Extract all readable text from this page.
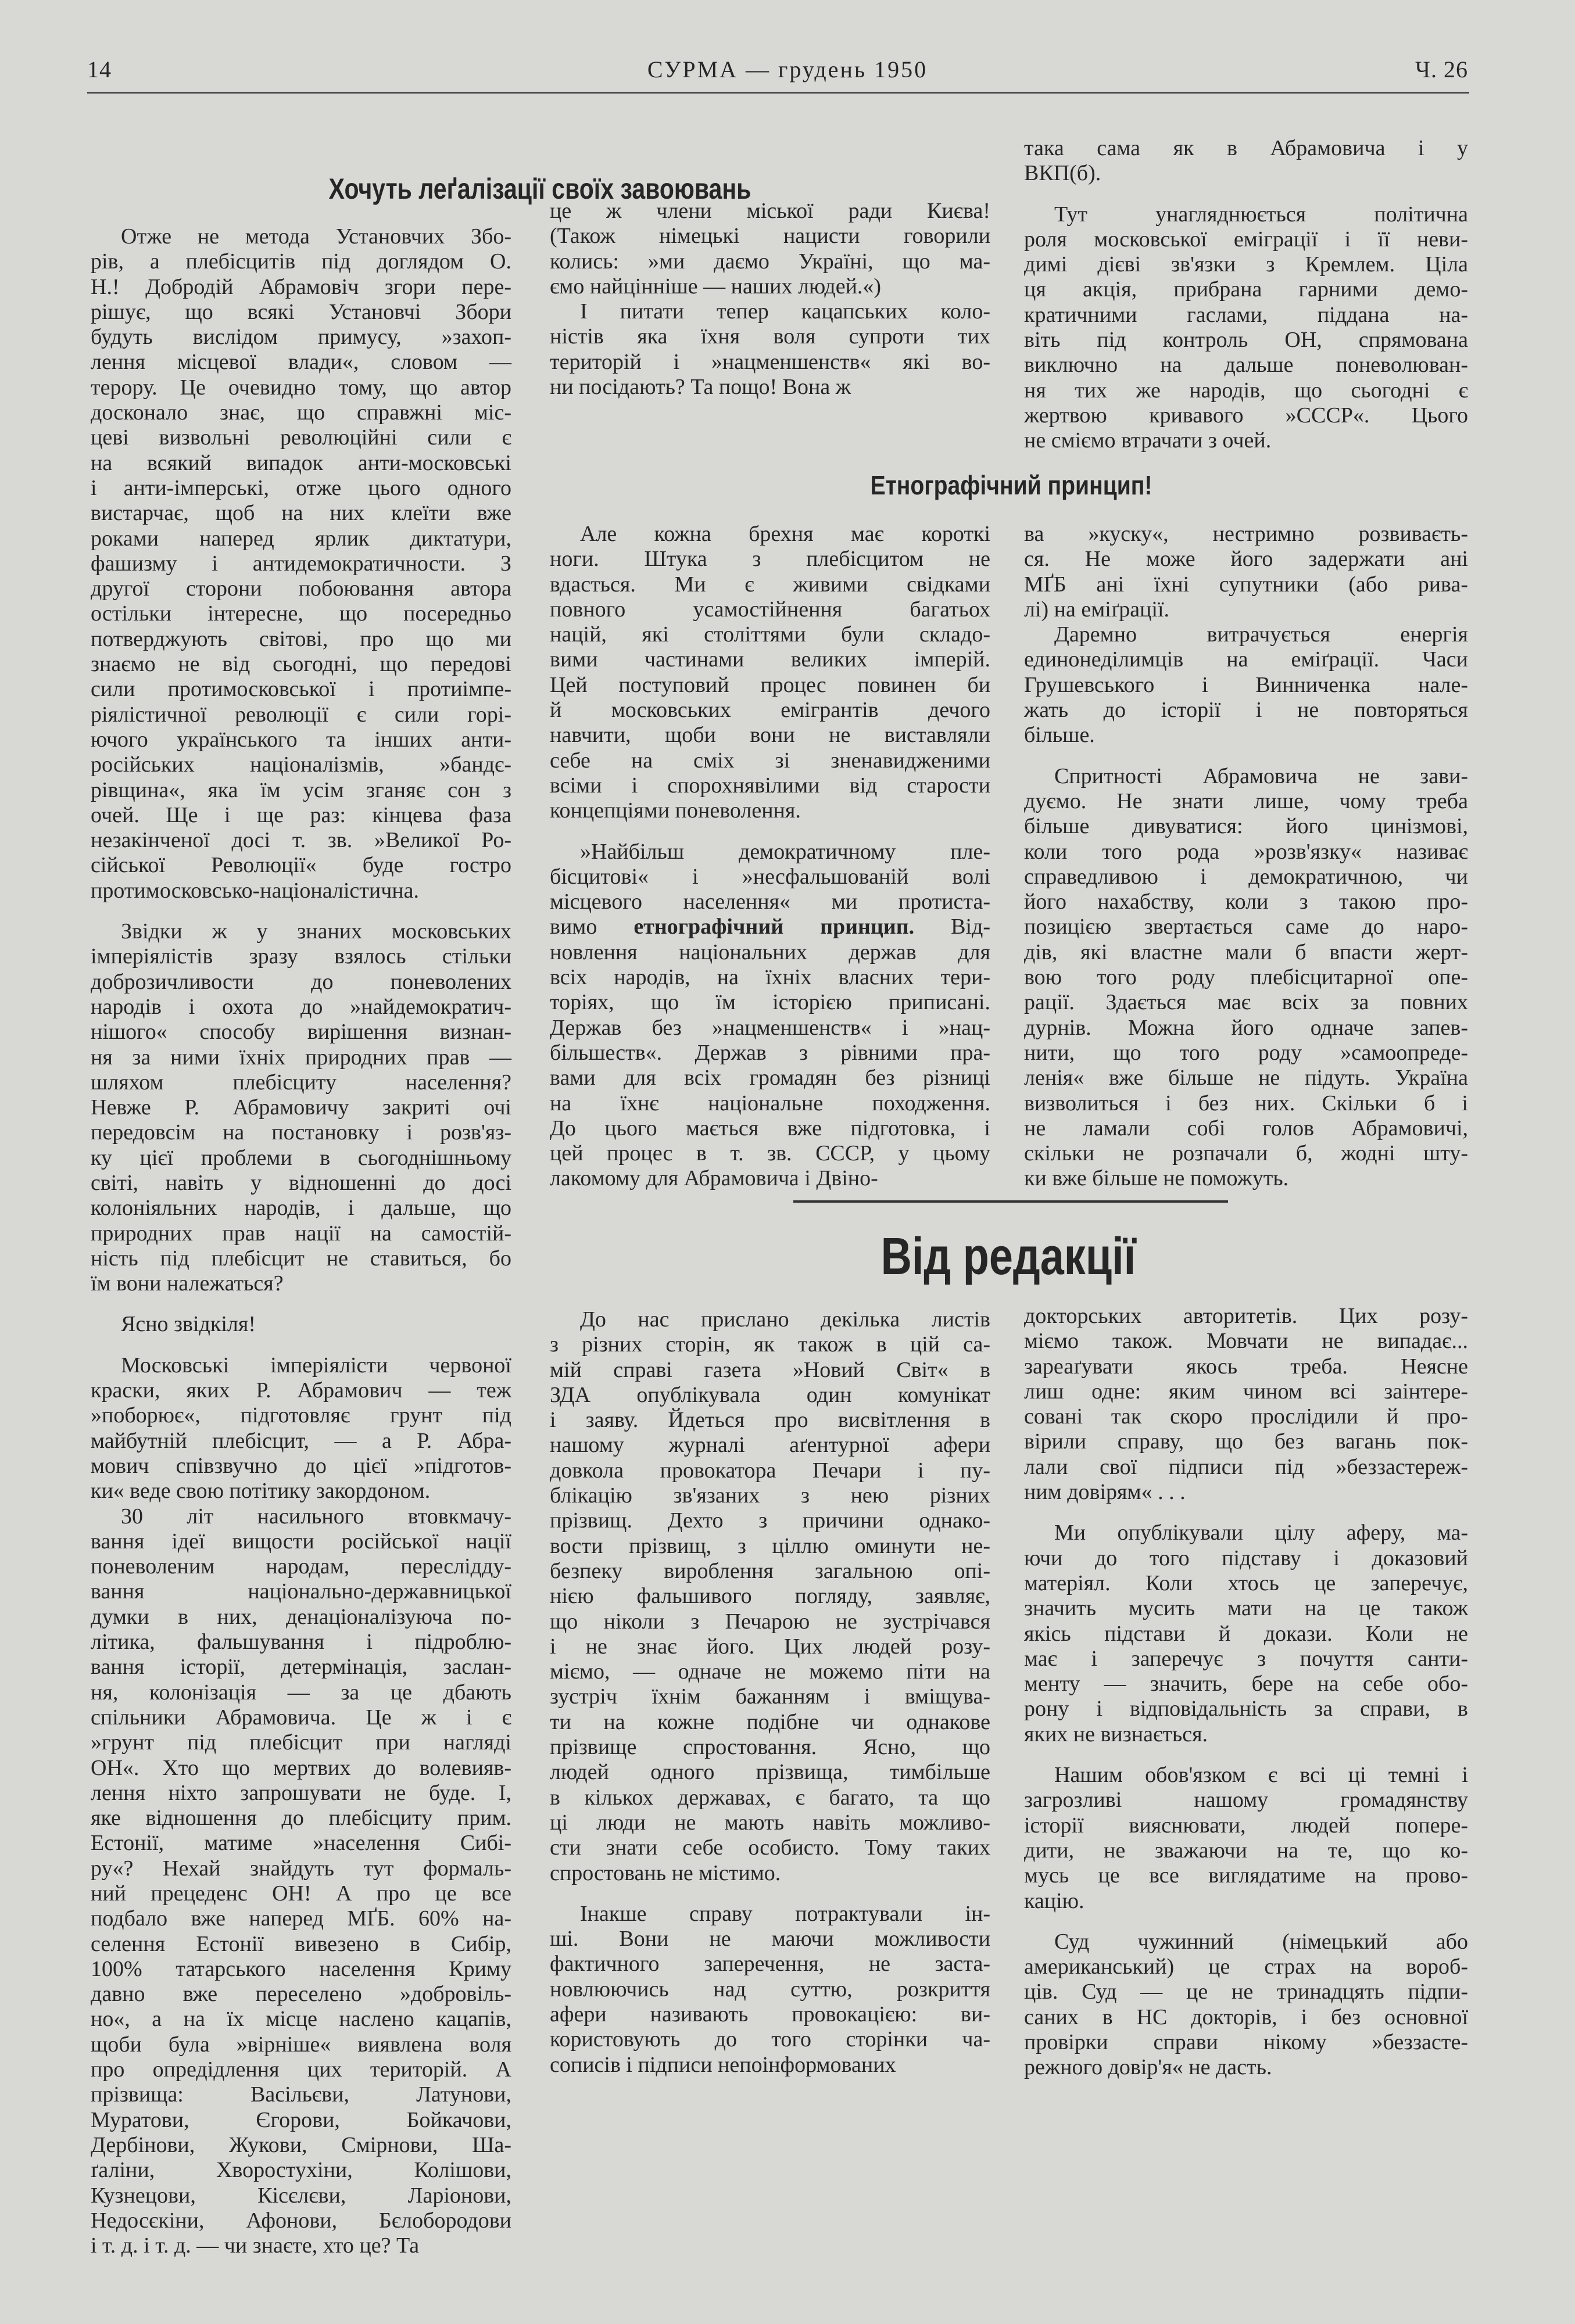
14	СУРМА — грудень 1950	Ч. 26
Хочуть леґалізації своїх завоювань
Отже не метода Установчих Збо-
рів, а плебісцитів під доглядом О.
Н.! Добродій Абрамовіч згори пере-
рішує, що всякі Установчі Збори
будуть вислідом примусу, »захоп-
лення місцевої влади«, словом —
терору. Це очевидно тому, що автор
досконало знає, що справжні міс-
цеві визвольні революційні сили є
на всякий випадок анти-московські
і анти-імперські, отже цього одного
вистарчає, щоб на них клеїти вже
роками наперед ярлик диктатури,
фашизму і антидемократичности. З
другої сторони побоювання автора
остільки інтересне, що посередньо
потверджують світові, про що ми
знаємо не від сьогодні, що передові
сили протимосковської і протиімпе-
ріялістичної революції є сили горі-
ючого українського та інших анти-
російських націоналізмів, »бандє-
рівщина«, яка їм усім зганяє сон з
очей. Ще і ще раз: кінцева фаза
незакінченої досі т. зв. »Великої Ро-
сійської Революції« буде гостро
протимосковсько-націоналістична.
Звідки ж у знаних московських
імперіялістів зразу взялось стільки
доброзичливости до поневолених
народів і охота до »найдемократич-
нішого« способу вирішення визнан-
ня за ними їхніх природних прав —
шляхом плебісциту населення?
Невже Р. Абрамовичу закриті очі
передовсім на постановку і розв'яз-
ку цієї проблеми в сьогоднішньому
світі, навіть у відношенні до досі
колоніяльних народів, і дальше, що
природних прав нації на самостій-
ність під плебісцит не ставиться, бо
їм вони належаться?
Ясно звідкіля!
Московські імперіялісти червоної
краски, яких Р. Абрамович — теж
»поборює«, підготовляє грунт під
майбутній плебісцит, — а Р. Абра-
мович співзвучно до цієї »підготов-
ки« веде свою потітику закордоном.
30 літ насильного втовкмачу-
вання ідеї вищости російської нації
поневоленим народам, переслідду-
вання національно-державницької
думки в них, денаціоналізуюча по-
літика, фальшування і підроблю-
вання історії, детермінація, заслан-
ня, колонізація — за це дбають
спільники Абрамовича. Це ж і є
»грунт під плебісцит при нагляді
ОН«. Хто що мертвих до волевияв-
лення ніхто запрошувати не буде. І,
яке відношення до плебісциту прим.
Естонії, матиме »населення Сибі-
ру«? Нехай знайдуть тут формаль-
ний прецеденс ОН! А про це все
подбало вже наперед МҐБ. 60% на-
селення Естонії вивезено в Сибір,
100% татарського населення Криму
давно вже переселено »добровіль-
но«, а на їх місце наслено кацапів,
щоби була »вірніше« виявлена воля
про опредідлення цих територій. А
прізвища: Васільєви, Латунови,
Муратови, Єгорови, Бойкачови,
Дербінови, Жукови, Смірнови, Ша-
ґаліни, Хворостухіни, Колішови,
Кузнецови, Кісєлєви, Ларіонови,
Недосєкіни, Афонови, Бєлобородови
і т. д. і т. д. — чи знаєте, хто це? Та
це ж члени міської ради Києва!
(Також німецькі нацисти говорили
колись: »ми даємо Україні, що ма-
ємо найцінніше — наших людей.«)
І питати тепер кацапських коло-
ністів яка їхня воля супроти тих
територій і »нацменшенств« які во-
ни посідають? Та пощо! Вона ж
така сама як в Абрамовича і у
ВКП(б).
Тут унагляднюється політична
роля московської еміграції і її неви-
димі дієві зв'язки з Кремлем. Ціла
ця акція, прибрана гарними демо-
кратичними гаслами, піддана на-
віть під контроль ОН, спрямована
виключно на дальше поневолюван-
ня тих же народів, що сьогодні є
жертвою кривавого »СССР«. Цього
не сміємо втрачати з очей.
Етнографічний принцип!
Але кожна брехня має короткі
ноги. Штука з плебісцитом не
вдасться. Ми є живими свідками
повного усамостійнення багатьох
націй, які століттями були складо-
вими частинами великих імперій.
Цей поступовий процес повинен би
й московських емігрантів дечого
навчити, щоби вони не виставляли
себе на сміх зі зненавидженими
всіми і спорохнявілими від старости
концепціями поневолення.
»Найбільш демократичному пле-
бісцитові« і »несфальшованій волі
місцевого населення« ми протиста-
вимо етнографічний принцип. Від-
новлення національних держав для
всіх народів, на їхніх власних тери-
торіях, що їм історією приписані.
Держав без »нацменшенств« і »нац-
більшеств«. Держав з рівними пра-
вами для всіх громадян без різниці
на їхнє національне походження.
До цього мається вже підготовка, і
цей процес в т. зв. СССР, у цьому
лакомому для Абрамовича і Двіно-
ва »куску«, нестримно розвиваєть-
ся. Не може його задержати ані
МҐБ ані їхні супутники (або рива-
лі) на еміґрації.
Даремно витрачується енергія
единонеділимців на еміґрації. Часи
Грушевського і Винниченка нале-
жать до історії і не повторяться
більше.
Спритності Абрамовича не зави-
дуємо. Не знати лише, чому треба
більше дивуватися: його цинізмові,
коли того рода »розв'язку« називає
справедливою і демократичною, чи
його нахабству, коли з такою про-
позицією звертається саме до наро-
дів, які властне мали б впасти жерт-
вою того роду плебісцитарної опе-
рації. Здається має всіх за повних
дурнів. Можна його одначе запев-
нити, що того роду »самоопреде-
ленія« вже більше не підуть. Україна
визволиться і без них. Скільки б і
не ламали собі голов Абрамовичі,
скільки не розпачали б, жодні шту-
ки вже більше не поможуть.
Від редакції
До нас прислано декілька листів
з різних сторін, як також в цій са-
мій справі газета »Новий Світ« в
ЗДА опублікувала один комунікат
і заяву. Йдеться про висвітлення в
нашому журналі аґентурної афери
довкола провокатора Печари і пу-
блікацію зв'язаних з нею різних
прізвищ. Дехто з причини однако-
вости прізвищ, з ціллю оминути не-
безпеку вироблення загальною опі-
нією фальшивого погляду, заявляє,
що ніколи з Печарою не зустрічався
і не знає його. Цих людей розу-
міємо, — одначе не можемо піти на
зустріч їхнім бажанням і вміщува-
ти на кожне подібне чи однакове
прізвище спростовання. Ясно, що
людей одного прізвища, тимбільше
в кількох державах, є багато, та що
ці люди не мають навіть можливо-
сти знати себе особисто. Тому таких
спростовань не містимо.
Інакше справу потрактували ін-
ші. Вони не маючи можливости
фактичного заперечення, не заста-
новлюючись над суттю, розкриття
афери називають провокацією: ви-
користовують до того сторінки ча-
сописів і підписи непоінформованих
докторських авторитетів. Цих розу-
міємо також. Мовчати не випадає...
зареаґувати якось треба. Неясне
лиш одне: яким чином всі заінтере-
совані так скоро прослідили й про-
вірили справу, що без вагань пок-
лали свої підписи під »беззастереж-
ним довірям« . . .
Ми опублікували цілу аферу, ма-
ючи до того підставу і доказовий
матеріял. Коли хтось це заперечує,
значить мусить мати на це також
якісь підстави й докази. Коли не
має і заперечує з почуття санти-
менту — значить, бере на себе обо-
рону і відповідальність за справи, в
яких не визнається.
Нашим обов'язком є всі ці темні і
загрозливі нашому громадянству
історії вияснювати, людей попере-
дити, не зважаючи на те, що ко-
мусь це все виглядатиме на прово-
кацію.
Суд чужинний (німецький або
американський) це страх на вороб-
ців. Суд — це не тринадцять підпи-
саних в НС докторів, і без основної
провірки справи нікому »беззасте-
режного довір'я« не дасть.
